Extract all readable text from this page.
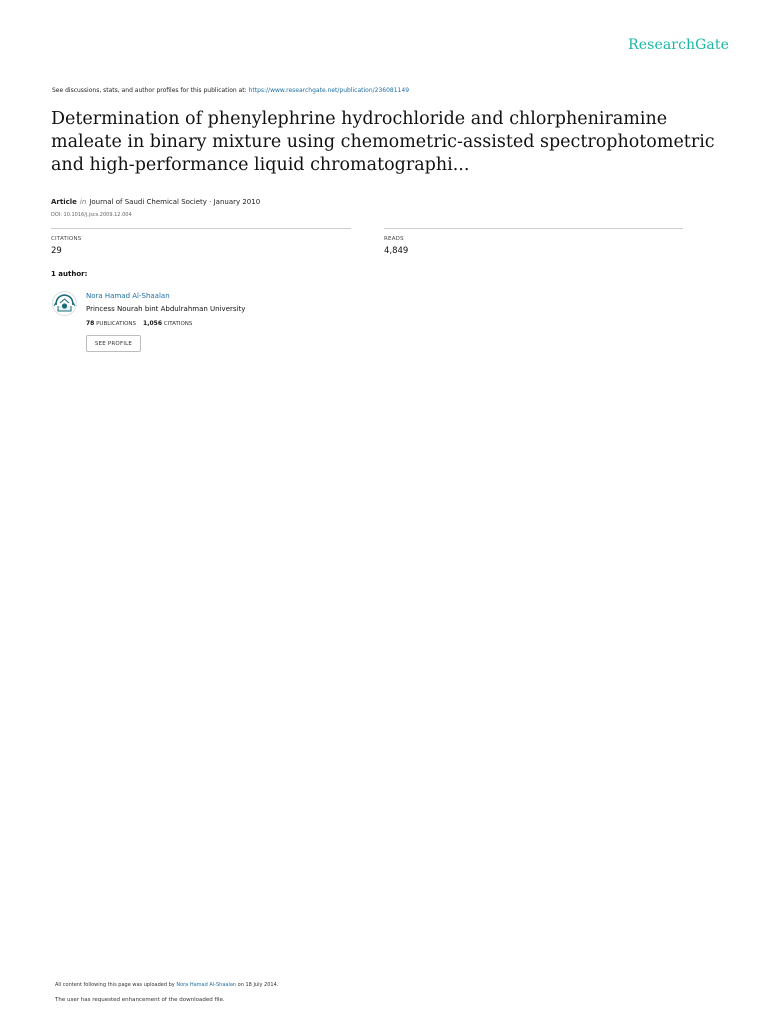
ResearchGate
See discussions, stats, and author profiles for this publication at: https://www.researchgate.net/publication/236081149
Determination of phenylephrine hydrochloride and chlorpheniramine maleate in binary mixture using chemometric-assisted spectrophotometric and high-performance liquid chromatographi...
Article in Journal of Saudi Chemical Society · January 2010
DOI: 10.1016/j.jscs.2009.12.004
CITATIONS
29
READS
4,849
1 author:
Nora Hamad Al-Shaalan
Princess Nourah bint Abdulrahman University
78 PUBLICATIONS 1,056 CITATIONS
SEE PROFILE
All content following this page was uploaded by Nora Hamad Al-Shaalan on 18 July 2014.
The user has requested enhancement of the downloaded file.
